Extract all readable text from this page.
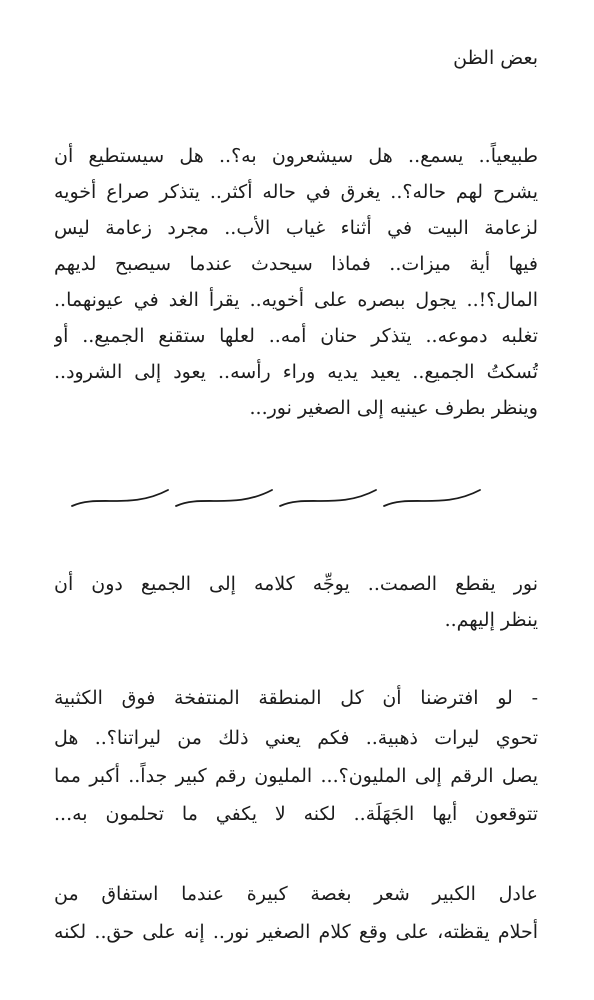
بعض الظن
طبيعياً.. يسمع.. هل سيشعرون به؟.. هل سيستطيع أن
يشرح لهم حاله؟.. يغرق في حاله أكثر.. يتذكر صراع أخويه
لزعامة البيت في أثناء غياب الأب.. مجرد زعامة ليس
فيها أية ميزات.. فماذا سيحدث عندما سيصبح لديهم
المال؟!.. يجول ببصره على أخويه.. يقرأ الغد في عيونهما..
تغلبه دموعه.. يتذكر حنان أمه.. لعلها ستقنع الجميع.. أو
تُسكتُ الجميع.. يعيد يديه وراء رأسه.. يعود إلى الشرود..
وينظر بطرف عينيه إلى الصغير نور...
نور يقطع الصمت.. يوجِّه كلامه إلى الجميع دون أن
ينظر إليهم..
- لو افترضنا أن كل المنطقة المنتفخة فوق الكثبية
تحوي ليرات ذهبية.. فكم يعني ذلك من ليراتنا؟.. هل
يصل الرقم إلى المليون؟... المليون رقم كبير جداً.. أكبر مما
تتوقعون أيها الجَهَلَة.. لكنه لا يكفي ما تحلمون به...
عادل الكبير شعر بغصة كبيرة عندما استفاق من
أحلام يقظته، على وقع كلام الصغير نور.. إنه على حق.. لكنه
